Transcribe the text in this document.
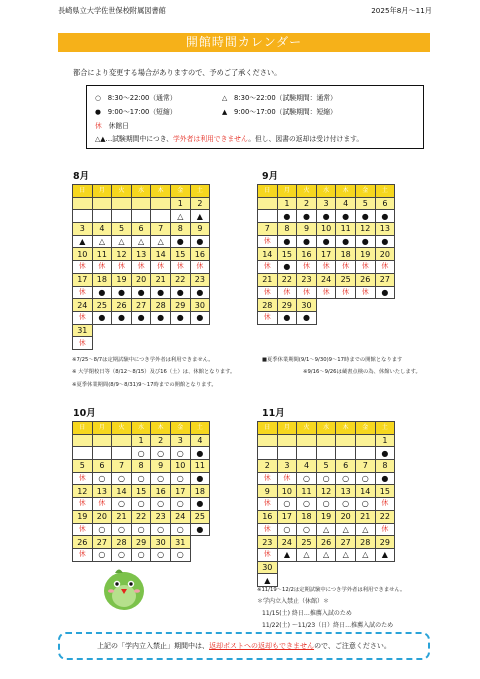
長崎県立大学佐世保校附属図書館	2025年8月～11月
開館時間カレンダー
都合により変更する場合がありますので、予めご了承ください。
○　8:30～22:00（通常）	△　8:30～22:00（試験期間：通常）
●　9:00～17:00（短縮）	▲　9:00～17:00（試験期間：短縮）
休　 休館日
△▲…試験期間中につき、学外者は利用できません。但し、図書の返却は受け付けます。
8月
日	月	火	水	木	金	土
					1	2
					△	▲
3	4	5	6	7	8	9
▲	△	△	△	△	●	●
10	11	12	13	14	15	16
休	休	休	休	休	休	休
17	18	19	20	21	22	23
休	●	●	●	●	●	●
24	25	26	27	28	29	30
休	●	●	●	●	●	●
31						
休						
9月
日	月	火	水	木	金	土
	1	2	3	4	5	6
	●	●	●	●	●	●
7	8	9	10	11	12	13
休	●	●	●	●	●	●
14	15	16	17	18	19	20
休	●	休	休	休	休	休
21	22	23	24	25	26	27
休	休	休	休	休	休	●
28	29	30				
休	●	●				
※7/25～8/7は定期試験中につき学外者は利用できません。
※ 大学閉校日等（8/12～8/15）及び16（土）は、休館となります。
※夏季休業期間(8/9～8/31)9～17時までの開館となります。
■夏季休業期間(9/1～9/30)9～17時までの開館となります
※9/16～9/26は蔵書点検の為、休館いたします。
10月
日	月	火	水	木	金	土
			1	2	3	4
			○	○	○	●
5	6	7	8	9	10	11
休	○	○	○	○	○	●
12	13	14	15	16	17	18
休	休	○	○	○	○	●
19	20	21	22	23	24	25
休	○	○	○	○	○	●
26	27	28	29	30	31	
休	○	○	○	○	○	
11月
日	月	火	水	木	金	土
						1
						●
2	3	4	5	6	7	8
休	休	○	○	○	○	●
9	10	11	12	13	14	15
休	○	○	○	○	○	休
16	17	18	19	20	21	22
休	○	○	△	△	△	休
23	24	25	26	27	28	29
休	▲	△	△	△	△	▲
30						
▲						
※11/19～12/2は定期試験中につき学外者は利用できません。
＊学内立入禁止（休館）＊
11/15(土) 終日…推薦入試のため
11/22(土) ～11/23（日）終日…推薦入試のため
上記の「学内立入禁止」期間中は、返却ポストへの返却もできませんので、ご注意ください。
